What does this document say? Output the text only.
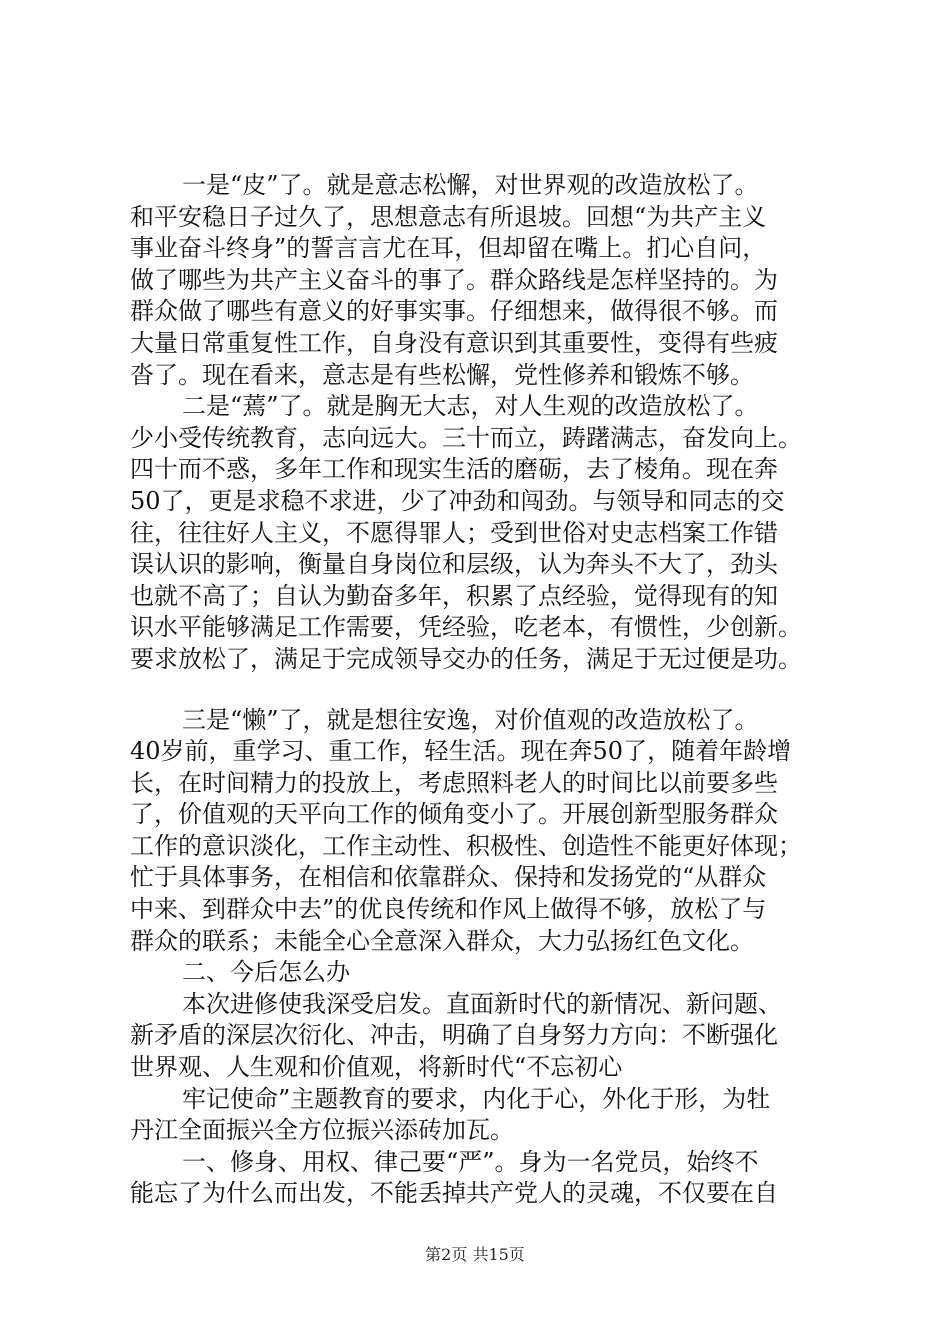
一是“皮”了。就是意志松懈，对世界观的改造放松了。
和平安稳日子过久了，思想意志有所退坡。回想“为共产主义
事业奋斗终身”的誓言言尤在耳，但却留在嘴上。扪心自问，
做了哪些为共产主义奋斗的事了。群众路线是怎样坚持的。为
群众做了哪些有意义的好事实事。仔细想来，做得很不够。而
大量日常重复性工作，自身没有意识到其重要性，变得有些疲
沓了。现在看来，意志是有些松懈，党性修养和锻炼不够。
二是“蔫”了。就是胸无大志，对人生观的改造放松了。
少小受传统教育，志向远大。三十而立，踌躇满志，奋发向上。
四十而不惑，多年工作和现实生活的磨砺，去了棱角。现在奔
50了，更是求稳不求进，少了冲劲和闯劲。与领导和同志的交
往，往往好人主义，不愿得罪人；受到世俗对史志档案工作错
误认识的影响，衡量自身岗位和层级，认为奔头不大了，劲头
也就不高了；自认为勤奋多年，积累了点经验，觉得现有的知
识水平能够满足工作需要，凭经验，吃老本，有惯性，少创新。
要求放松了，满足于完成领导交办的任务，满足于无过便是功。
三是“懒”了，就是想往安逸，对价值观的改造放松了。
40岁前，重学习、重工作，轻生活。现在奔50了，随着年龄增
长，在时间精力的投放上，考虑照料老人的时间比以前要多些
了，价值观的天平向工作的倾角变小了。开展创新型服务群众
工作的意识淡化，工作主动性、积极性、创造性不能更好体现；
忙于具体事务，在相信和依靠群众、保持和发扬党的“从群众
中来、到群众中去”的优良传统和作风上做得不够，放松了与
群众的联系；未能全心全意深入群众，大力弘扬红色文化。
二、今后怎么办
本次进修使我深受启发。直面新时代的新情况、新问题、
新矛盾的深层次衍化、冲击，明确了自身努力方向：不断强化
世界观、人生观和价值观，将新时代“不忘初心
牢记使命”主题教育的要求，内化于心，外化于形，为牡
丹江全面振兴全方位振兴添砖加瓦。
一、修身、用权、律己要“严”。身为一名党员，始终不
能忘了为什么而出发，不能丢掉共产党人的灵魂，不仅要在自
第2页 共15页
